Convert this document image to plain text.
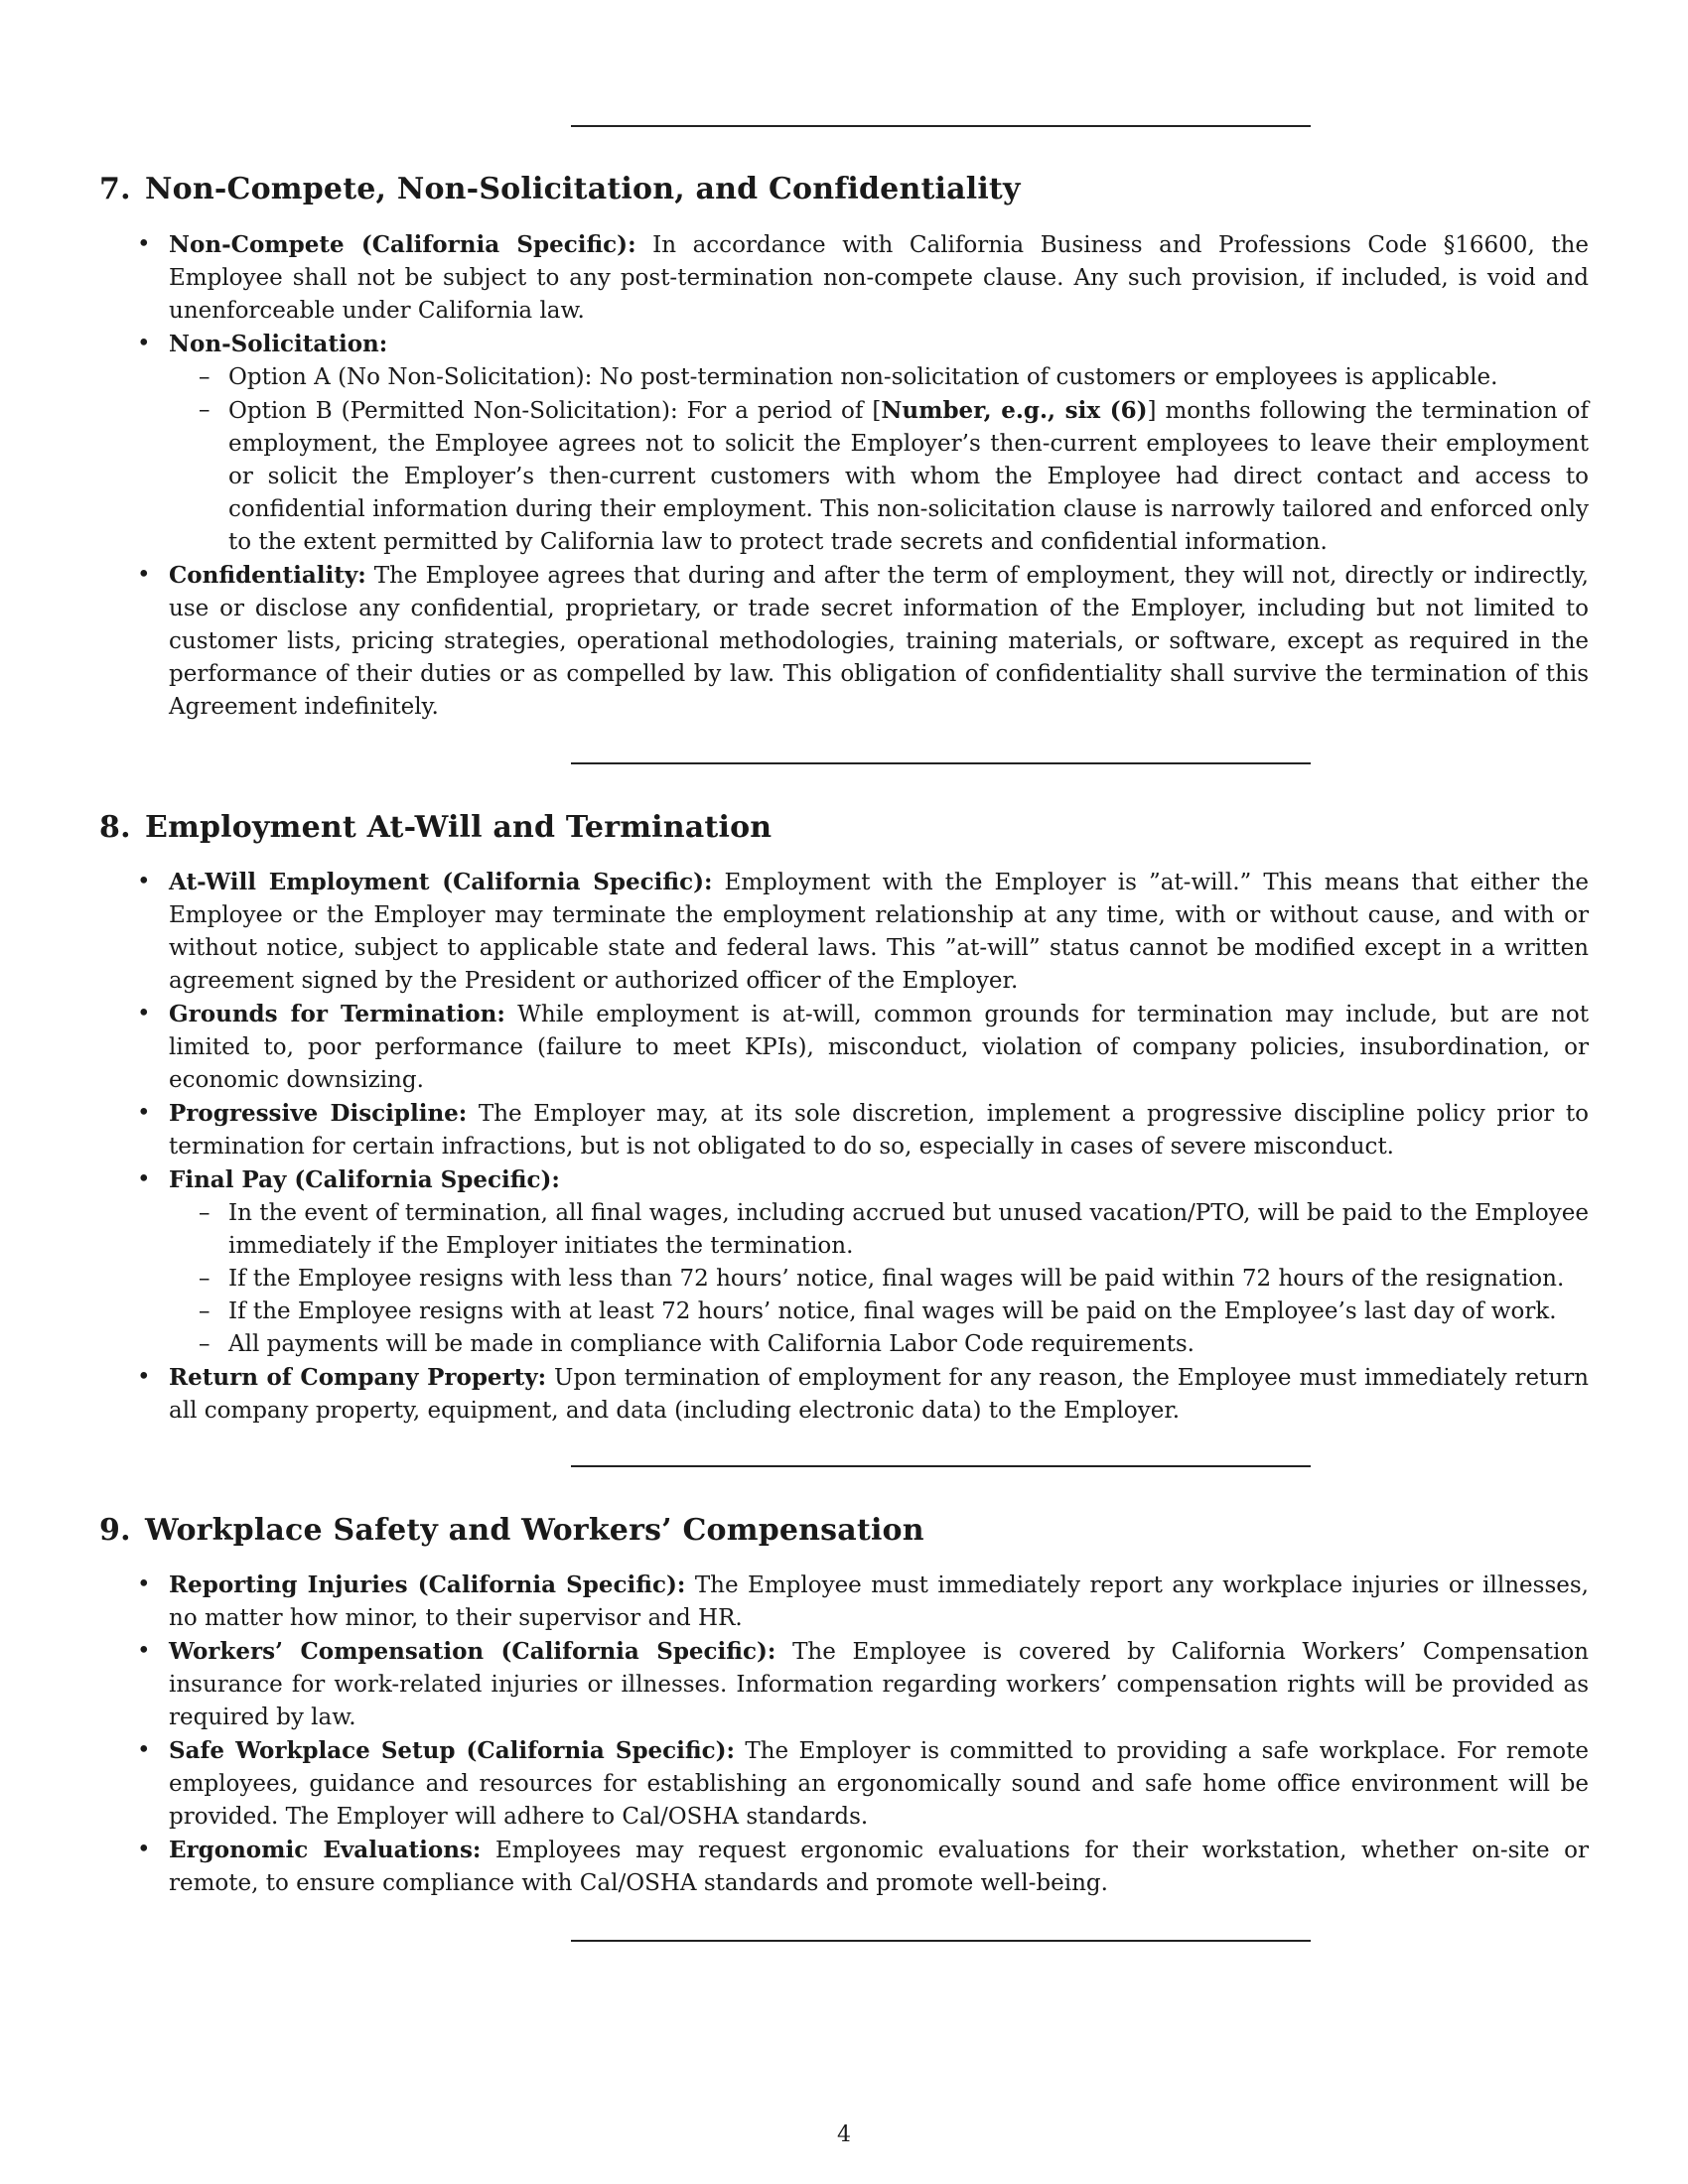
7. Non-Compete, Non-Solicitation, and Confidentiality
• Non-Compete (California Specific): In accordance with California Business and Professions Code §16600, the Employee shall not be subject to any post-termination non-compete clause. Any such provision, if included, is void and unenforceable under California law.
• Non-Solicitation:
– Option A (No Non-Solicitation): No post-termination non-solicitation of customers or employees is applicable.
– Option B (Permitted Non-Solicitation): For a period of [Number, e.g., six (6)] months following the termination of employment, the Employee agrees not to solicit the Employer’s then-current employees to leave their employment or solicit the Employer’s then-current customers with whom the Employee had direct contact and access to confidential information during their employment. This non-solicitation clause is narrowly tailored and enforced only to the extent permitted by California law to protect trade secrets and confidential information.
• Confidentiality: The Employee agrees that during and after the term of employment, they will not, directly or indirectly, use or disclose any confidential, proprietary, or trade secret information of the Employer, including but not limited to customer lists, pricing strategies, operational methodologies, training materials, or software, except as required in the performance of their duties or as compelled by law. This obligation of confidentiality shall survive the termination of this Agreement indefinitely.
8. Employment At-Will and Termination
• At-Will Employment (California Specific): Employment with the Employer is ”at-will.” This means that either the Employee or the Employer may terminate the employment relationship at any time, with or without cause, and with or without notice, subject to applicable state and federal laws. This ”at-will” status cannot be modified except in a written agreement signed by the President or authorized officer of the Employer.
• Grounds for Termination: While employment is at-will, common grounds for termination may include, but are not limited to, poor performance (failure to meet KPIs), misconduct, violation of company policies, insubordination, or economic downsizing.
• Progressive Discipline: The Employer may, at its sole discretion, implement a progressive discipline policy prior to termination for certain infractions, but is not obligated to do so, especially in cases of severe misconduct.
• Final Pay (California Specific):
– In the event of termination, all final wages, including accrued but unused vacation/PTO, will be paid to the Employee immediately if the Employer initiates the termination.
– If the Employee resigns with less than 72 hours’ notice, final wages will be paid within 72 hours of the resignation.
– If the Employee resigns with at least 72 hours’ notice, final wages will be paid on the Employee’s last day of work.
– All payments will be made in compliance with California Labor Code requirements.
• Return of Company Property: Upon termination of employment for any reason, the Employee must immediately return all company property, equipment, and data (including electronic data) to the Employer.
9. Workplace Safety and Workers’ Compensation
• Reporting Injuries (California Specific): The Employee must immediately report any workplace injuries or illnesses, no matter how minor, to their supervisor and HR.
• Workers’ Compensation (California Specific): The Employee is covered by California Workers’ Compensation insurance for work-related injuries or illnesses. Information regarding workers’ compensation rights will be provided as required by law.
• Safe Workplace Setup (California Specific): The Employer is committed to providing a safe workplace. For remote employees, guidance and resources for establishing an ergonomically sound and safe home office environment will be provided. The Employer will adhere to Cal/OSHA standards.
• Ergonomic Evaluations: Employees may request ergonomic evaluations for their workstation, whether on-site or remote, to ensure compliance with Cal/OSHA standards and promote well-being.
4
